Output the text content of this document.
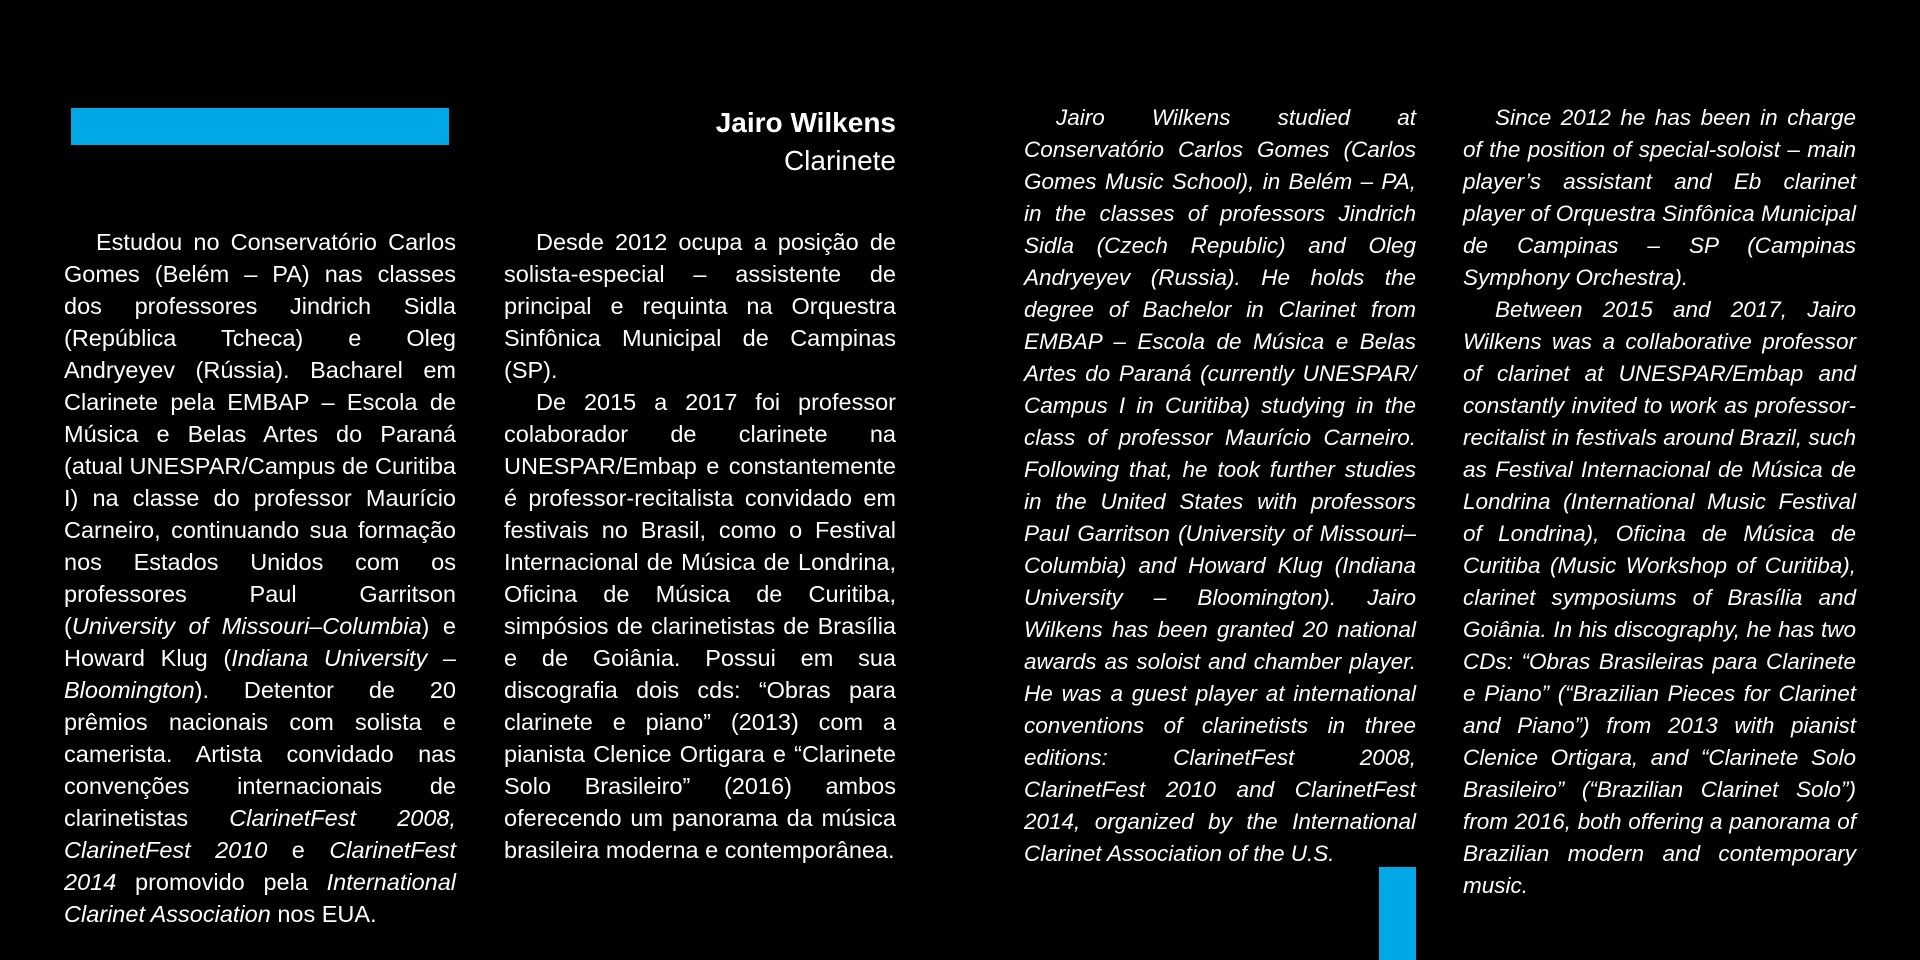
Estudou no Conservatório Carlos Gomes (Belém – PA) nas classes dos professores Jindrich Sidla (República Tcheca) e Oleg Andryeyev (Rússia). Bacharel em Clarinete pela EMBAP – Escola de Música e Belas Artes do Paraná (atual UNESPAR/Campus de Curitiba I) na classe do professor Maurício Carneiro, continuando sua formação nos Estados Unidos com os professores Paul Garritson (University of Missouri–Columbia) e Howard Klug (Indiana University – Bloomington). Detentor de 20 prêmios nacionais com solista e camerista. Artista convidado nas convenções internacionais de clarinetistas ClarinetFest 2008, ClarinetFest 2010 e ClarinetFest 2014 promovido pela International Clarinet Association nos EUA.

Jairo Wilkens
Clarinete

Desde 2012 ocupa a posição de solista-especial – assistente de principal e requinta na Orquestra Sinfônica Municipal de Campinas (SP).

De 2015 a 2017 foi professor colaborador de clarinete na UNESPAR/Embap e constantemente é professor-recitalista convidado em festivais no Brasil, como o Festival Internacional de Música de Londrina, Oficina de Música de Curitiba, simpósios de clarinetistas de Brasília e de Goiânia. Possui em sua discografia dois cds: “Obras para clarinete e piano” (2013) com a pianista Clenice Ortigara e “Clarinete Solo Brasileiro” (2016) ambos oferecendo um panorama da música brasileira moderna e contemporânea.

Jairo Wilkens studied at Conservatório Carlos Gomes (Carlos Gomes Music School), in Belém – PA, in the classes of professors Jindrich Sidla (Czech Republic) and Oleg Andryeyev (Russia). He holds the degree of Bachelor in Clarinet from EMBAP – Escola de Música e Belas Artes do Paraná (currently UNESPAR/ Campus I in Curitiba) studying in the class of professor Maurício Carneiro. Following that, he took further studies in the United States with professors Paul Garritson (University of Missouri– Columbia) and Howard Klug (Indiana University – Bloomington). Jairo Wilkens has been granted 20 national awards as soloist and chamber player. He was a guest player at international conventions of clarinetists in three editions: ClarinetFest 2008, ClarinetFest 2010 and ClarinetFest 2014, organized by the International Clarinet Association of the U.S.

Since 2012 he has been in charge of the position of special-soloist – main player’s assistant and Eb clarinet player of Orquestra Sinfônica Municipal de Campinas – SP (Campinas Symphony Orchestra).

Between 2015 and 2017, Jairo Wilkens was a collaborative professor of clarinet at UNESPAR/Embap and constantly invited to work as professor-recitalist in festivals around Brazil, such as Festival Internacional de Música de Londrina (International Music Festival of Londrina), Oficina de Música de Curitiba (Music Workshop of Curitiba), clarinet symposiums of Brasília and Goiânia. In his discography, he has two CDs: “Obras Brasileiras para Clarinete e Piano” (“Brazilian Pieces for Clarinet and Piano”) from 2013 with pianist Clenice Ortigara, and “Clarinete Solo Brasileiro” (“Brazilian Clarinet Solo”) from 2016, both offering a panorama of Brazilian modern and contemporary music.
